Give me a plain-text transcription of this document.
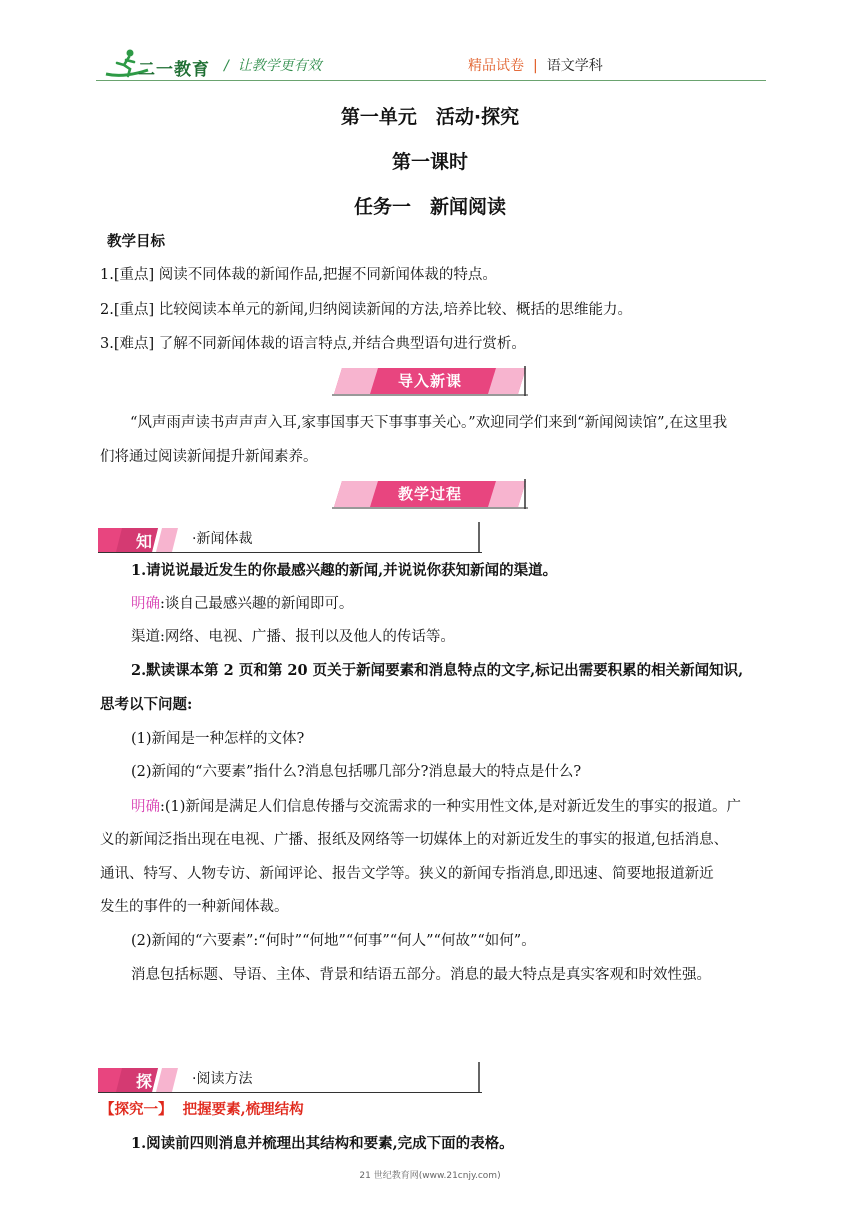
二一教育 /  让教学更有效	精品试卷 | 语文学科
第一单元　活动·探究
第一课时
任务一　新闻阅读
教学目标
1.[重点] 阅读不同体裁的新闻作品,把握不同新闻体裁的特点。
2.[重点] 比较阅读本单元的新闻,归纳阅读新闻的方法,培养比较、概括的思维能力。
3.[难点] 了解不同新闻体裁的语言特点,并结合典型语句进行赏析。
导入新课
“风声雨声读书声声声入耳,家事国事天下事事事关心。”欢迎同学们来到“新闻阅读馆”,在这里我
们将通过阅读新闻提升新闻素养。
教学过程
知	·新闻体裁
1.请说说最近发生的你最感兴趣的新闻,并说说你获知新闻的渠道。
明确:谈自己最感兴趣的新闻即可。
渠道:网络、电视、广播、报刊以及他人的传话等。
2.默读课本第 2 页和第 20 页关于新闻要素和消息特点的文字,标记出需要积累的相关新闻知识,
思考以下问题:
(1)新闻是一种怎样的文体?
(2)新闻的“六要素”指什么?消息包括哪几部分?消息最大的特点是什么?
明确:(1)新闻是满足人们信息传播与交流需求的一种实用性文体,是对新近发生的事实的报道。广
义的新闻泛指出现在电视、广播、报纸及网络等一切媒体上的对新近发生的事实的报道,包括消息、
通讯、特写、人物专访、新闻评论、报告文学等。狭义的新闻专指消息,即迅速、简要地报道新近
发生的事件的一种新闻体裁。
(2)新闻的“六要素”:“何时”“何地”“何事”“何人”“何故”“如何”。
消息包括标题、导语、主体、背景和结语五部分。消息的最大特点是真实客观和时效性强。
探	·阅读方法
【探究一】 把握要素,梳理结构
1.阅读前四则消息并梳理出其结构和要素,完成下面的表格。
21 世纪教育网(www.21cnjy.com)
